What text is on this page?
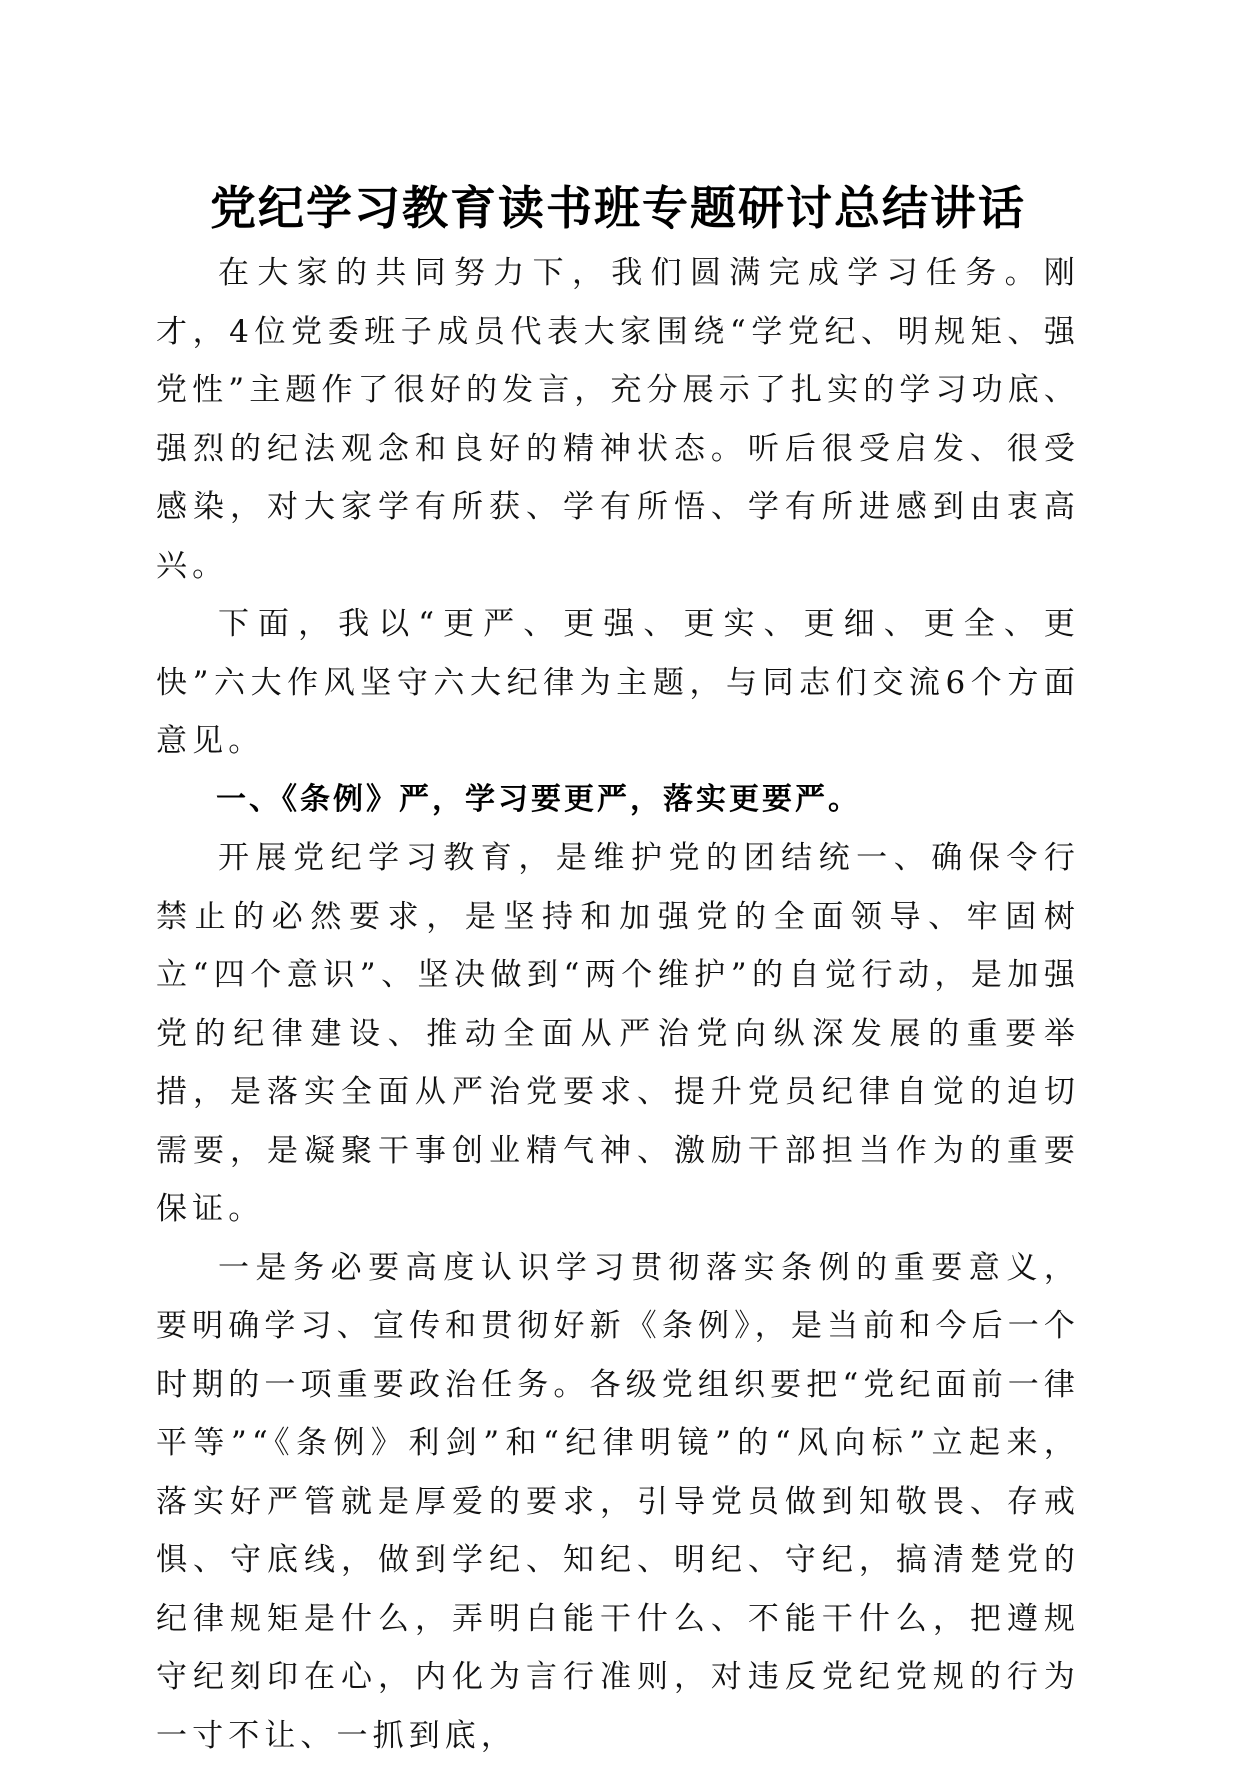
党纪学习教育读书班专题研讨总结讲话

在大家的共同努力下，我们圆满完成学习任务。刚才，4位党委班子成员代表大家围绕“学党纪、明规矩、强党性”主题作了很好的发言，充分展示了扎实的学习功底、强烈的纪法观念和良好的精神状态。听后很受启发、很受感染，对大家学有所获、学有所悟、学有所进感到由衷高兴。

下面，我以“更严、更强、更实、更细、更全、更快”六大作风坚守六大纪律为主题，与同志们交流6个方面意见。

一、《条例》严，学习要更严，落实更要严。

开展党纪学习教育，是维护党的团结统一、确保令行禁止的必然要求，是坚持和加强党的全面领导、牢固树立“四个意识”、坚决做到“两个维护”的自觉行动，是加强党的纪律建设、推动全面从严治党向纵深发展的重要举措，是落实全面从严治党要求、提升党员纪律自觉的迫切需要，是凝聚干事创业精气神、激励干部担当作为的重要保证。

一是务必要高度认识学习贯彻落实条例的重要意义，要明确学习、宣传和贯彻好新《条例》，是当前和今后一个时期的一项重要政治任务。各级党组织要把“党纪面前一律平等”“《条例》利剑”和“纪律明镜”的“风向标”立起来，落实好严管就是厚爱的要求，引导党员做到知敬畏、存戒惧、守底线，做到学纪、知纪、明纪、守纪，搞清楚党的纪律规矩是什么，弄明白能干什么、不能干什么，把遵规守纪刻印在心，内化为言行准则，对违反党纪党规的行为一寸不让、一抓到底，
